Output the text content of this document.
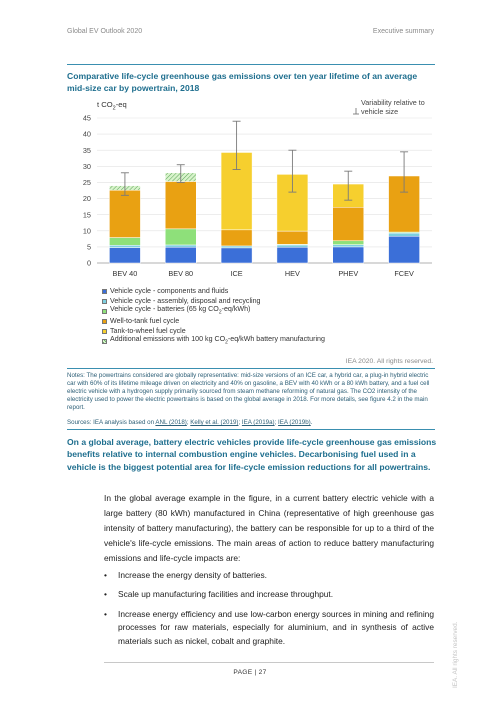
Global EV Outlook 2020	Executive summary
Comparative life-cycle greenhouse gas emissions over ten year lifetime of an average mid-size car by powertrain, 2018
t $CO_2-eq$	Variability relative to vehicle size
0
5
10
15
20
25
30
35
40
45
BEV 40	BEV 80	ICE	HEV	PHEV	FCEV
Vehicle cycle - components and fluids
Vehicle cycle - assembly, disposal and recycling
Vehicle cycle - batteries (65 kg $CO_2-eq/kWh$)
Well-to-tank fuel cycle
Tank-to-wheel fuel cycle
Additional emissions with 100 kg $CO_2-eq$/kWh battery manufacturing
IEA 2020. All rights reserved.
Notes: The powertrains considered are globally representative: mid-size versions of an ICE car, a hybrid car, a plug-in hybrid electric car with 60% of its lifetime mileage driven on electricity and 40% on gasoline, a BEV with 40 kWh or a 80 kWh battery, and a fuel cell electric vehicle with a hydrogen supply primarily sourced from steam methane reforming of natural gas. The CO2 intensity of the electricity used to power the electric powertrains is based on the global average in 2018. For more details, see figure 4.2 in the main report.
Sources: IEA analysis based on ANL (2018); Kelly et al. (2019); IEA (2019a); IEA (2019b).
On a global average, battery electric vehicles provide life-cycle greenhouse gas emissions benefits relative to internal combustion engine vehicles. Decarbonising fuel used in a vehicle is the biggest potential area for life-cycle emission reductions for all powertrains.
In the global average example in the figure, in a current battery electric vehicle with a large battery (80 kWh) manufactured in China (representative of high greenhouse gas intensity of battery manufacturing), the battery can be responsible for up to a third of the vehicle's life-cycle emissions. The main areas of action to reduce battery manufacturing emissions and life-cycle impacts are:
• Increase the energy density of batteries.
• Scale up manufacturing facilities and increase throughput.
• Increase energy efficiency and use low-carbon energy sources in mining and refining processes for raw materials, especially for aluminium, and in synthesis of active materials such as nickel, cobalt and graphite.
PAGE | 27	IEA. All rights reserved.
